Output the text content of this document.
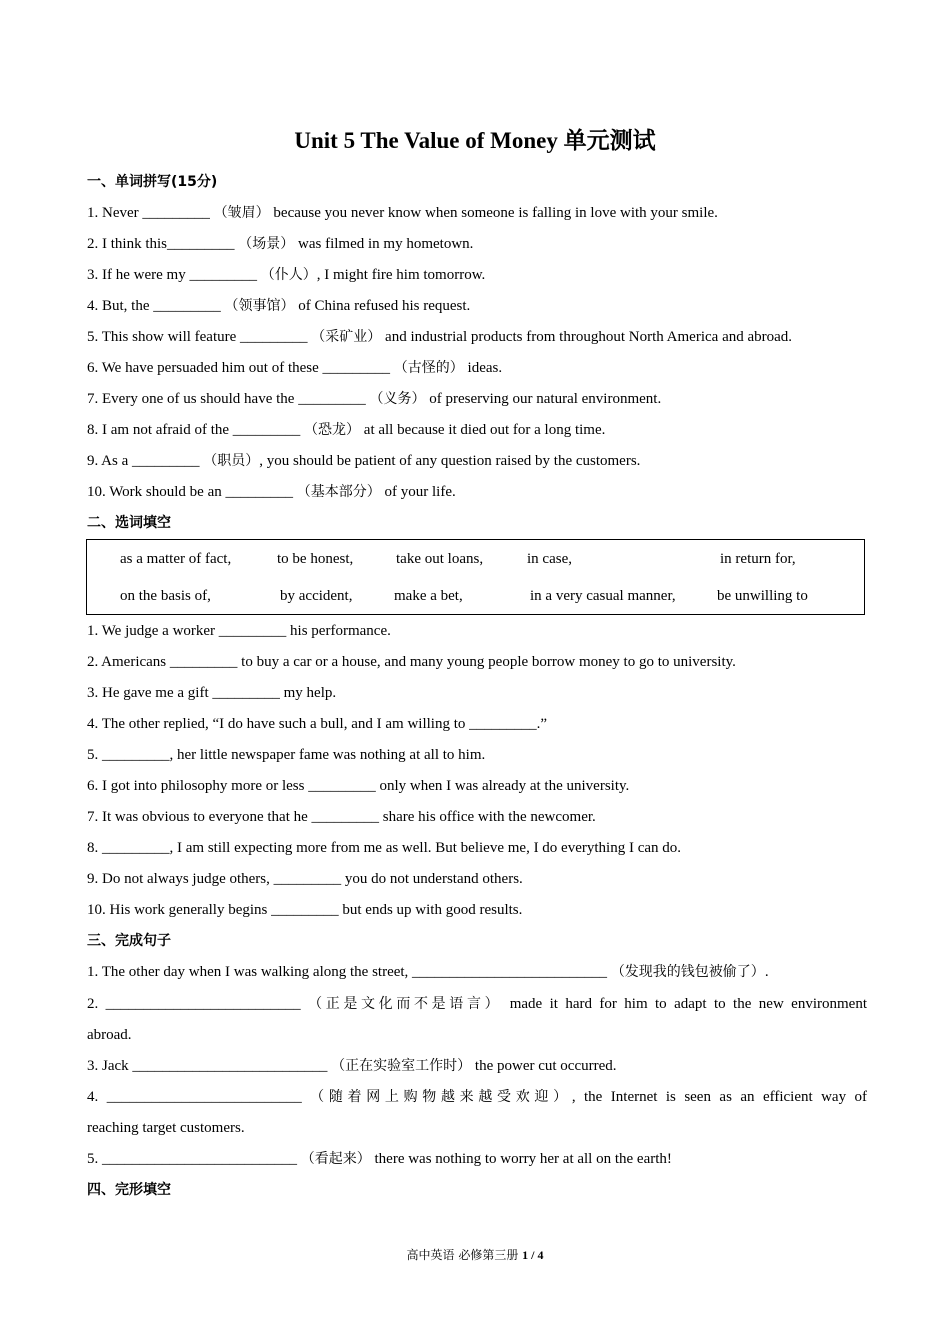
Unit 5 The Value of Money 单元测试
一、单词拼写(15分)
1. Never _________ （皱眉） because you never know when someone is falling in love with your smile.
2. I think this_________ （场景） was filmed in my hometown.
3. If he were my _________ （仆人）, I might fire him tomorrow.
4. But, the _________ （领事馆） of China refused his request.
5. This show will feature _________ （采矿业） and industrial products from throughout North America and abroad.
6. We have persuaded him out of these _________ （古怪的） ideas.
7. Every one of us should have the _________ （义务） of preserving our natural environment.
8. I am not afraid of the _________ （恐龙） at all because it died out for a long time.
9. As a _________ （职员）, you should be patient of any question raised by the customers.
10. Work should be an _________ （基本部分） of your life.
二、选词填空
as a matter of fact,	to be honest,	take out loans,	in case,	in return for,
on the basis of,	by accident,	make a bet,	in a very casual manner,	be unwilling to
1. We judge a worker _________ his performance.
2. Americans _________ to buy a car or a house, and many young people borrow money to go to university.
3. He gave me a gift _________ my help.
4. The other replied, “I do have such a bull, and I am willing to _________.”
5. _________, her little newspaper fame was nothing at all to him.
6. I got into philosophy more or less _________ only when I was already at the university.
7. It was obvious to everyone that he _________ share his office with the newcomer.
8. _________, I am still expecting more from me as well. But believe me, I do everything I can do.
9. Do not always judge others, _________ you do not understand others.
10. His work generally begins _________ but ends up with good results.
三、完成句子
1. The other day when I was walking along the street, __________________________ （发现我的钱包被偷了）.
2. __________________________ （正是文化而不是语言） made it hard for him to adapt to the new environment
abroad.
3. Jack __________________________ （正在实验室工作时） the power cut occurred.
4. __________________________ （随着网上购物越来越受欢迎）, the Internet is seen as an efficient way of
reaching target customers.
5. __________________________ （看起来） there was nothing to worry her at all on the earth!
四、完形填空
高中英语 必修第三册 1 / 4
